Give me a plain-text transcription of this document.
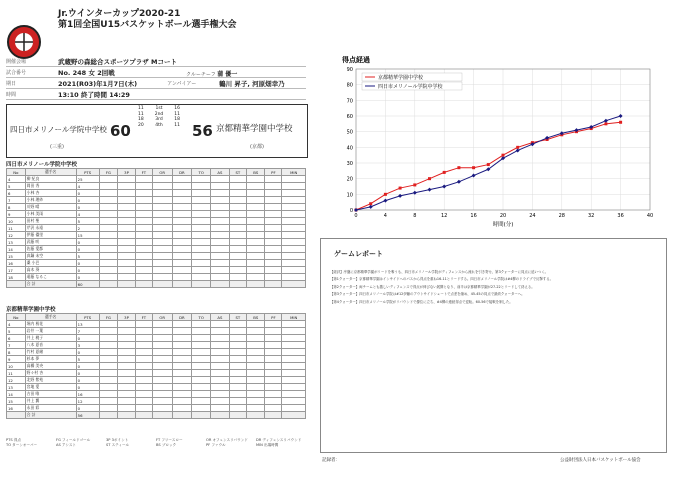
Jr.ウインターカップ2020-21
第1回全国U15バスケットボール選手権大会
開催会場	武蔵野の森総合スポーツプラザ Mコート
試合番号	No. 248 女 2回戦
期日	2021(R03)年1月7日(木)	アンパイアー	鶴川 昇子, 河原畑幸乃
時間	13:10 終了時間 14:29
クルーチーフ 蒲 優一
四日市メリノール学院中学校
(三重)
60	56 京都精華学園中学校
(京都)
11	1st	16
11 2nd 11
18	3rd	18
20	4th	11
四日市メリノール学院中学校
No	選手名	PTS	FG	3P	FT	OR	DR	TO	AS	ST	BS	PF	MIN
4	柳 紀良	25											
5	岡田 秀	4											
6	小林 杏	0											
7	小林 理紗	0											
8	川野 晴	0											
9	小林 美雨	4											
10	田村 聖	5											
11	芹沢 永遠	2											
12	伊藤 優里	15											
13	武藤 咲	0											
14	佐藤 愛都	0											
15	真鍋 未空	5											
16	桑 小巴	0											
17	高木 葵	0											
18	遠藤 なるこ	0											
	合 計	60											
京都精華学園中学校
No	選手名	PTS	FG	3P	FT	OR	DR	TO	AS	ST	BS	PF	MIN
4	堀内 桜花	13											
5	岩井 一葉	7											
6	井上 桃子	0											
7	八木 夏音	3											
8	竹村 夏緒	0											
9	杉本 夢	5											
10	高橋 美央	0											
11	野々村 杏	0											
12	北野 紫苑	0											
13	宮地 愛	0											
14	吉田 唯	16											
15	井上 翼	12											
16	永田 彩	0											
	合 計	56											
PTS 得点	FG フィールドゴール	3P 3ポイント	FT フリースロー	OR オフェンスリバウンド	DR ディフェンスリバウンド
TO ターンオーバー	AS アシスト	ST スティール	BS ブロック	PF ファウル	MIN 出場時間
得点経過
0
10
20
30
40
50
60
70
80
90
0	4	8	12	16	20	24	28	32	36	40
時間(分)
京都精華学園中学校
四日市メリノール学院中学校
ゲームレポート

【総評】序盤に京都精華学園がリードを奪うも、四日市メリノール学院がディフェンスから流れを引き寄せ、第3クォーターに同点に追いつく。

【第1クォーター】京都精華学園はインサイドへのパスから得点を重ね16-11とリードする。四日市メリノール学院は#4柳のドライブで反撃する。

【第2クォーター】両チームとも激しいディフェンスで得点が伸びない展開となり、前半は京都精華学園が27-22とリードして終える。

【第3クォーター】四日市メリノール学院は#12伊藤のアウトサイドシュートで点差を縮め、45-45の同点で最終クォーターへ。

【第4クォーター】四日市メリノール学院がリバウンドで優位に立ち、#4柳の連続得点で逆転。60-56で接戦を制した。

記録者：	公益財団法人日本バスケットボール協会
